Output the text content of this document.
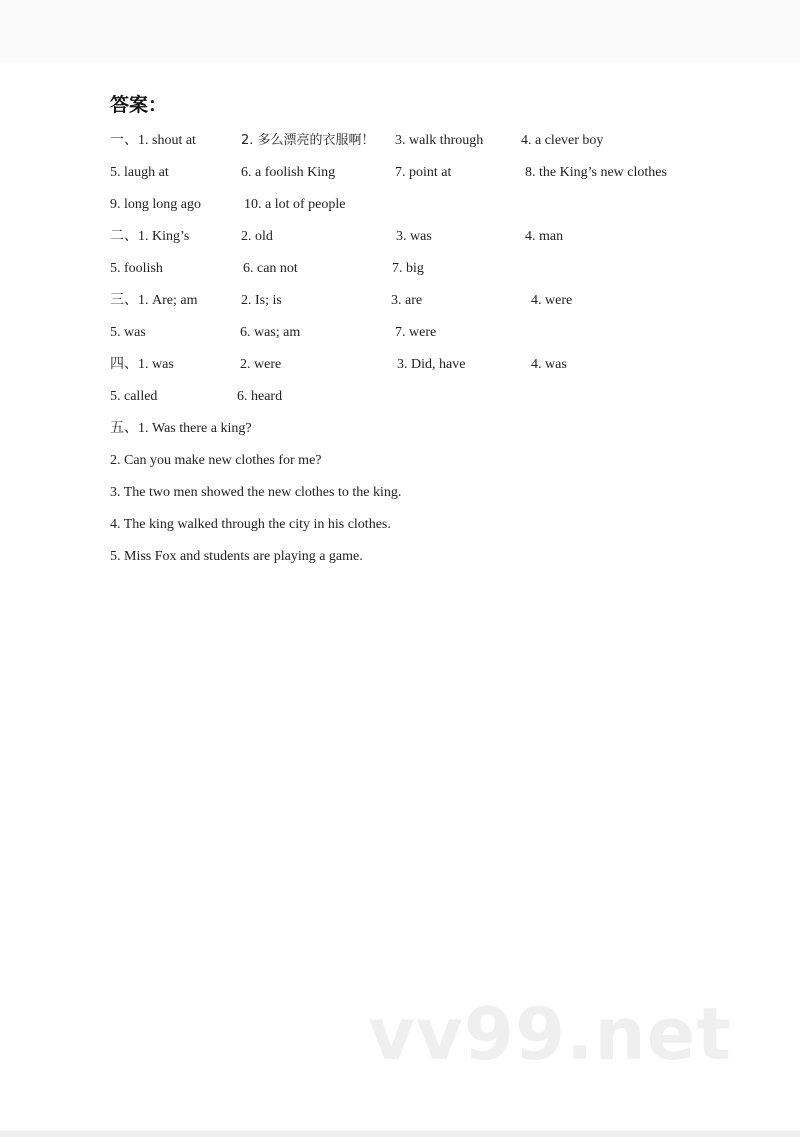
答案：
一、1. shout at	2. 多么漂亮的衣服啊！ 3. walk through	4. a clever boy
5. laugh at	6. a foolish King	7. point at	8. the King’s new clothes
9. long long ago	10. a lot of people
二、1. King’s	2. old	3. was	4. man
5. foolish	6. can not	7. big
三、1. Are; am	2. Is; is	3. are	4. were
5. was	6. was; am	7. were
四、1. was	2. were	3. Did, have	4. was
5. called	6. heard
五、1. Was there a king?
2. Can you make new clothes for me?
3. The two men showed the new clothes to the king.
4. The king walked through the city in his clothes.
5. Miss Fox and students are playing a game.
vv99.net
